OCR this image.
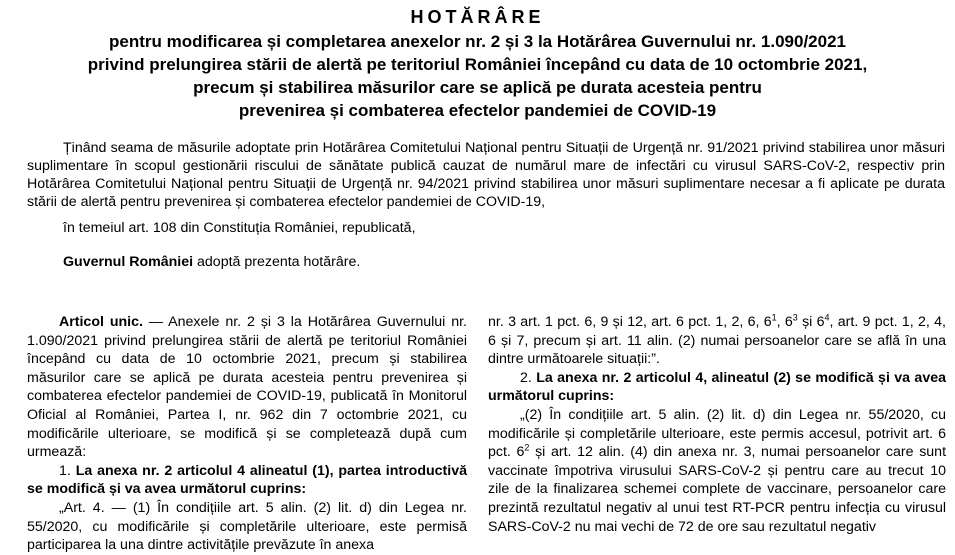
HOTĂRÂRE
pentru modificarea și completarea anexelor nr. 2 și 3 la Hotărârea Guvernului nr. 1.090/2021
privind prelungirea stării de alertă pe teritoriul României începând cu data de 10 octombrie 2021,
precum și stabilirea măsurilor care se aplică pe durata acesteia pentru
prevenirea și combaterea efectelor pandemiei de COVID-19

Ținând seama de măsurile adoptate prin Hotărârea Comitetului Național pentru Situații de Urgență nr. 91/2021 privind stabilirea unor măsuri suplimentare în scopul gestionării riscului de sănătate publică cauzat de numărul mare de infectări cu virusul SARS-CoV-2, respectiv prin Hotărârea Comitetului Național pentru Situații de Urgență nr. 94/2021 privind stabilirea unor măsuri suplimentare necesar a fi aplicate pe durata stării de alertă pentru prevenirea și combaterea efectelor pandemiei de COVID-19,

în temeiul art. 108 din Constituția României, republicată,

Guvernul României adoptă prezenta hotărâre.

Articol unic. — Anexele nr. 2 și 3 la Hotărârea Guvernului nr. 1.090/2021 privind prelungirea stării de alertă pe teritoriul României începând cu data de 10 octombrie 2021, precum și stabilirea măsurilor care se aplică pe durata acesteia pentru prevenirea și combaterea efectelor pandemiei de COVID-19, publicată în Monitorul Oficial al României, Partea I, nr. 962 din 7 octombrie 2021, cu modificările ulterioare, se modifică și se completează după cum urmează:

1. La anexa nr. 2 articolul 4 alineatul (1), partea introductivă se modifică și va avea următorul cuprins:

„Art. 4. — (1) În condițiile art. 5 alin. (2) lit. d) din Legea nr. 55/2020, cu modificările și completările ulterioare, este permisă participarea la una dintre activitățile prevăzute în anexa

nr. 3 art. 1 pct. 6, 9 și 12, art. 6 pct. 1, 2, 6, $6^1$, $6^3$ și $6^4$, art. 9 pct. 1, 2, 4, 6 și 7, precum și art. 11 alin. (2) numai persoanelor care se află în una dintre următoarele situații:”.

2. La anexa nr. 2 articolul 4, alineatul (2) se modifică și va avea următorul cuprins:

„(2) În condițiile art. 5 alin. (2) lit. d) din Legea nr. 55/2020, cu modificările și completările ulterioare, este permis accesul, potrivit art. 6 pct. $6^2$ și art. 12 alin. (4) din anexa nr. 3, numai persoanelor care sunt vaccinate împotriva virusului SARS-CoV-2 și pentru care au trecut 10 zile de la finalizarea schemei complete de vaccinare, persoanelor care prezintă rezultatul negativ al unui test RT-PCR pentru infecția cu virusul SARS-CoV-2 nu mai vechi de 72 de ore sau rezultatul negativ
